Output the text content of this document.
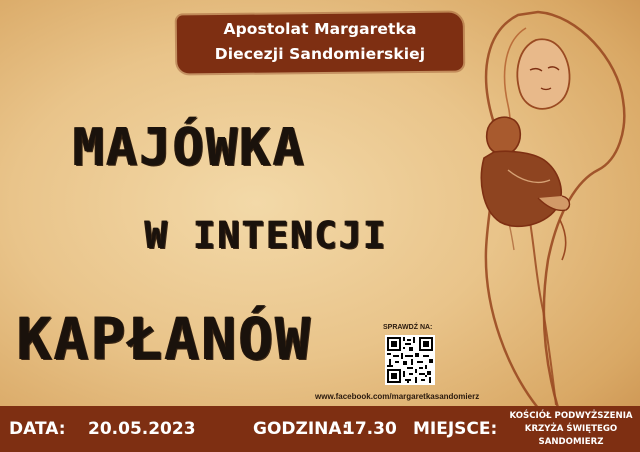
Apostolat Margaretka
Diecezji Sandomierskiej
MAJÓWKA
W INTENCJI
KAPŁANÓW	SPRAWDŹ NA:
www.facebook.com/margaretkasandomierz
DATA: 20.05.2023	GODZINA:
17.30 MIEJSCE:
KOŚCIÓŁ PODWYŻSZENIA
KRZYŻA ŚWIĘTEGO
SANDOMIERZ
